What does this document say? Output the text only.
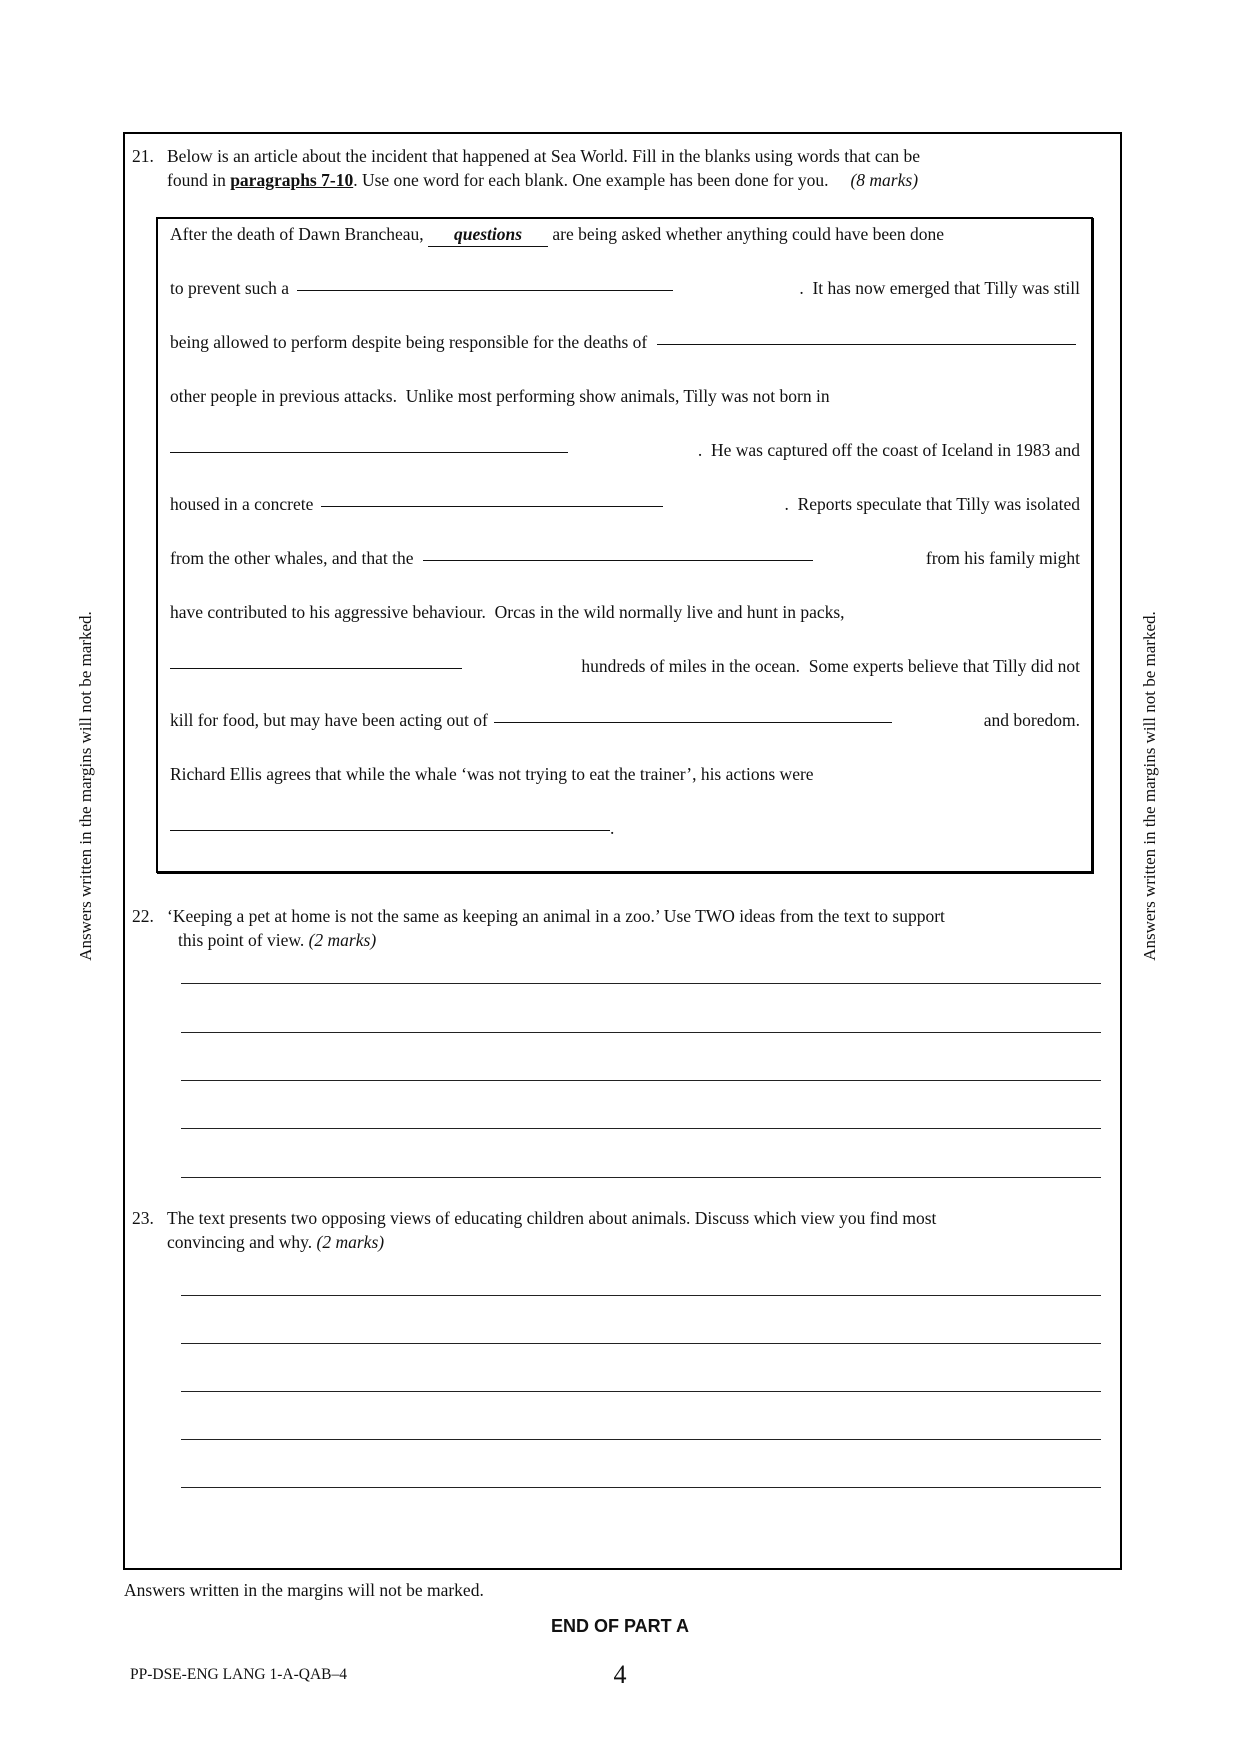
Answers written in the margins will not be marked.	Answers written in the margins will not be marked.
21. Below is an article about the incident that happened at Sea World. Fill in the blanks using words that can be
found in paragraphs 7-10. Use one word for each blank. One example has been done for you. (8 marks)
After the death of Dawn Brancheau,	questions	are being asked whether anything could have been done
to prevent such a	.  It has now emerged that Tilly was still
being allowed to perform despite being responsible for the deaths of
other people in previous attacks.  Unlike most performing show animals, Tilly was not born in
.  He was captured off the coast of Iceland in 1983 and
housed in a concrete	.  Reports speculate that Tilly was isolated
from the other whales, and that the	from his family might
have contributed to his aggressive behaviour.  Orcas in the wild normally live and hunt in packs,
hundreds of miles in the ocean.  Some experts believe that Tilly did not
kill for food, but may have been acting out of	and boredom.
Richard Ellis agrees that while the whale ‘was not trying to eat the trainer’, his actions were
.
22. ‘Keeping a pet at home is not the same as keeping an animal in a zoo.’ Use TWO ideas from the text to support
this point of view. (2 marks)
23. The text presents two opposing views of educating children about animals. Discuss which view you find most
convincing and why. (2 marks)
Answers written in the margins will not be marked.
END OF PART A
PP-DSE-ENG LANG 1-A-QAB–4	4
